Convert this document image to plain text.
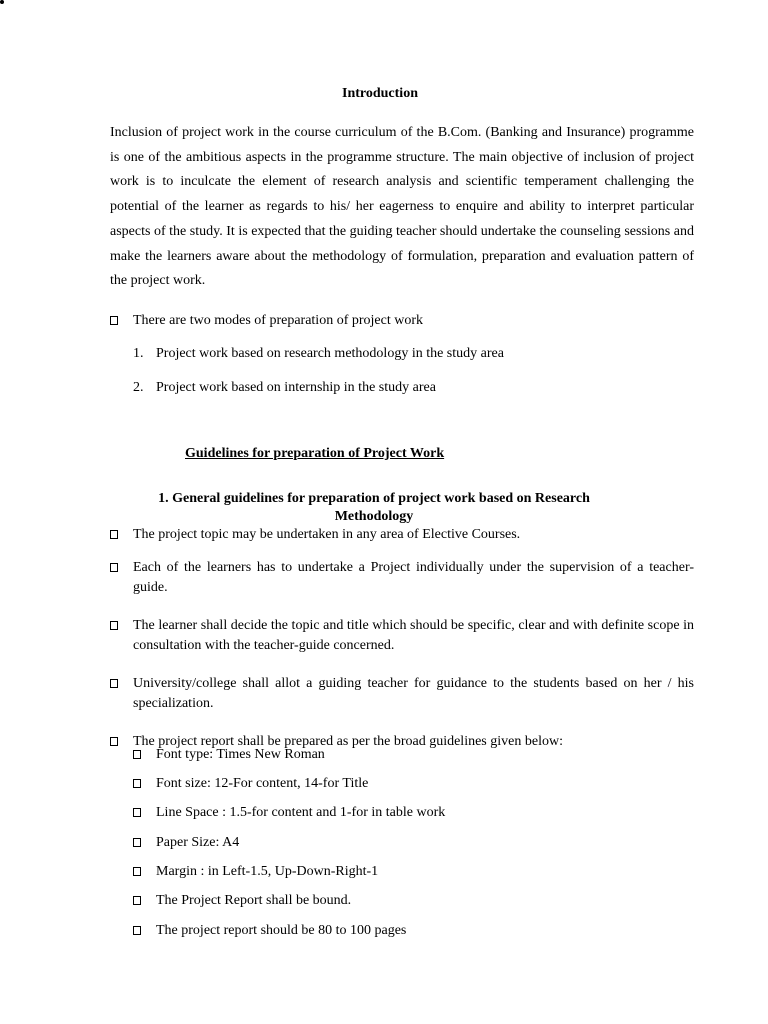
Introduction

Inclusion of project work in the course curriculum of the B.Com. (Banking and Insurance) programme is one of the ambitious aspects in the programme structure. The main objective of inclusion of project work is to inculcate the element of research analysis and scientific temperament challenging the potential of the learner as regards to his/ her eagerness to enquire and ability to interpret particular aspects of the study. It is expected that the guiding teacher should undertake the counseling sessions and make the learners aware about the methodology of formulation, preparation and evaluation pattern of the project work.

There are two modes of preparation of project work
1. Project work based on research methodology in the study area
2. Project work based on internship in the study area
Guidelines for preparation of Project Work
1. General guidelines for preparation of project work based on Research Methodology
The project topic may be undertaken in any area of Elective Courses.
Each of the learners has to undertake a Project individually under the supervision of a teacher-guide.
The learner shall decide the topic and title which should be specific, clear and with definite scope in consultation with the teacher-guide concerned.
University/college shall allot a guiding teacher for guidance to the students based on her / his specialization.
The project report shall be prepared as per the broad guidelines given below:
Font type: Times New Roman
Font size: 12-For content, 14-for Title
Line Space : 1.5-for content and 1-for in table work
Paper Size: A4
Margin : in Left-1.5, Up-Down-Right-1
The Project Report shall be bound.
The project report should be 80 to 100 pages
